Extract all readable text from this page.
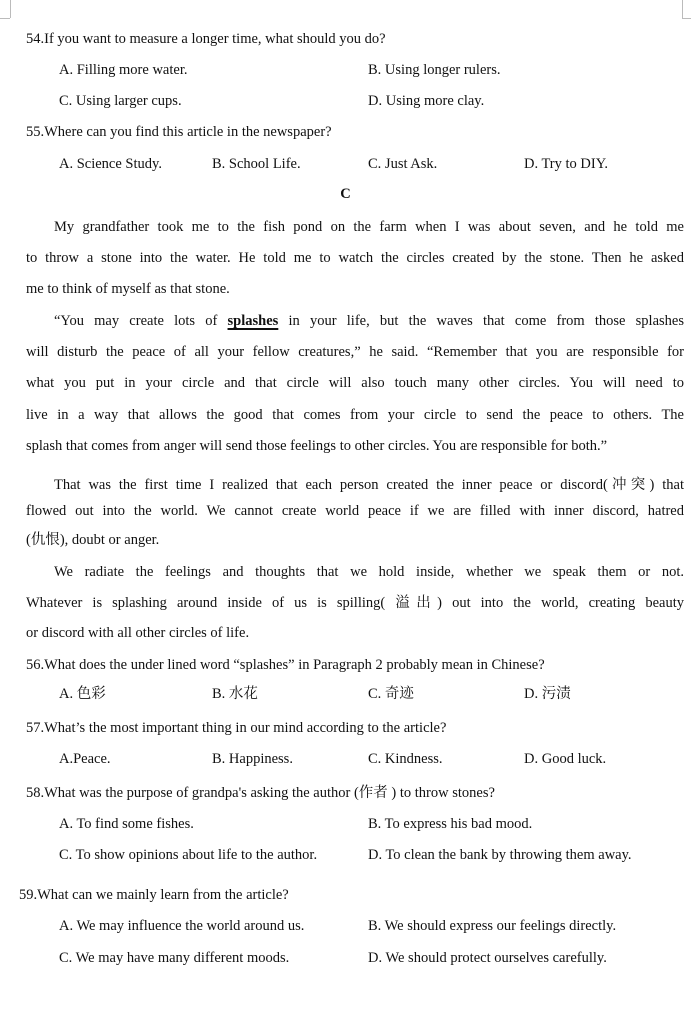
54.If you want to measure a longer time, what should you do?
A. Filling more water.	B. Using longer rulers.
C. Using larger cups.	D. Using more clay.
55.Where can you find this article in the newspaper?
A. Science Study.	B. School Life.	C. Just Ask.	D. Try to DIY.
C
My grandfather took me to the fish pond on the farm when I was about seven, and he told me
to throw a stone into the water. He told me to watch the circles created by the stone. Then he asked
me to think of myself as that stone.
“You may create lots of splashes in your life, but the waves that come from those splashes
will disturb the peace of all your fellow creatures,” he said. “Remember that you are responsible for
what you put in your circle and that circle will also touch many other circles. You will need to
live in a way that allows the good that comes from your circle to send the peace to others. The
splash that comes from anger will send those feelings to other circles. You are responsible for both.”
That was the first time I realized that each person created the inner peace or discord(冲突) that
flowed out into the world. We cannot create world peace if we are filled with inner discord, hatred
(仇恨), doubt or anger.
We radiate the feelings and thoughts that we hold inside, whether we speak them or not.
Whatever is splashing around inside of us is spilling( 溢出) out into the world, creating beauty
or discord with all other circles of life.
56.What does the under lined word “splashes” in Paragraph 2 probably mean in Chinese?
A. 色彩	B. 水花	C. 奇迹	D. 污渍
57.What’s the most important thing in our mind according to the article?
A.Peace.	B. Happiness.	C. Kindness.	D. Good luck.
58.What was the purpose of grandpa's asking the author (作者 ) to throw stones?
A. To find some fishes.	B. To express his bad mood.
C. To show opinions about life to the author.	D. To clean the bank by throwing them away.
59.What can we mainly learn from the article?
A. We may influence the world around us.	B. We should express our feelings directly.
C. We may have many different moods.	D. We should protect ourselves carefully.
